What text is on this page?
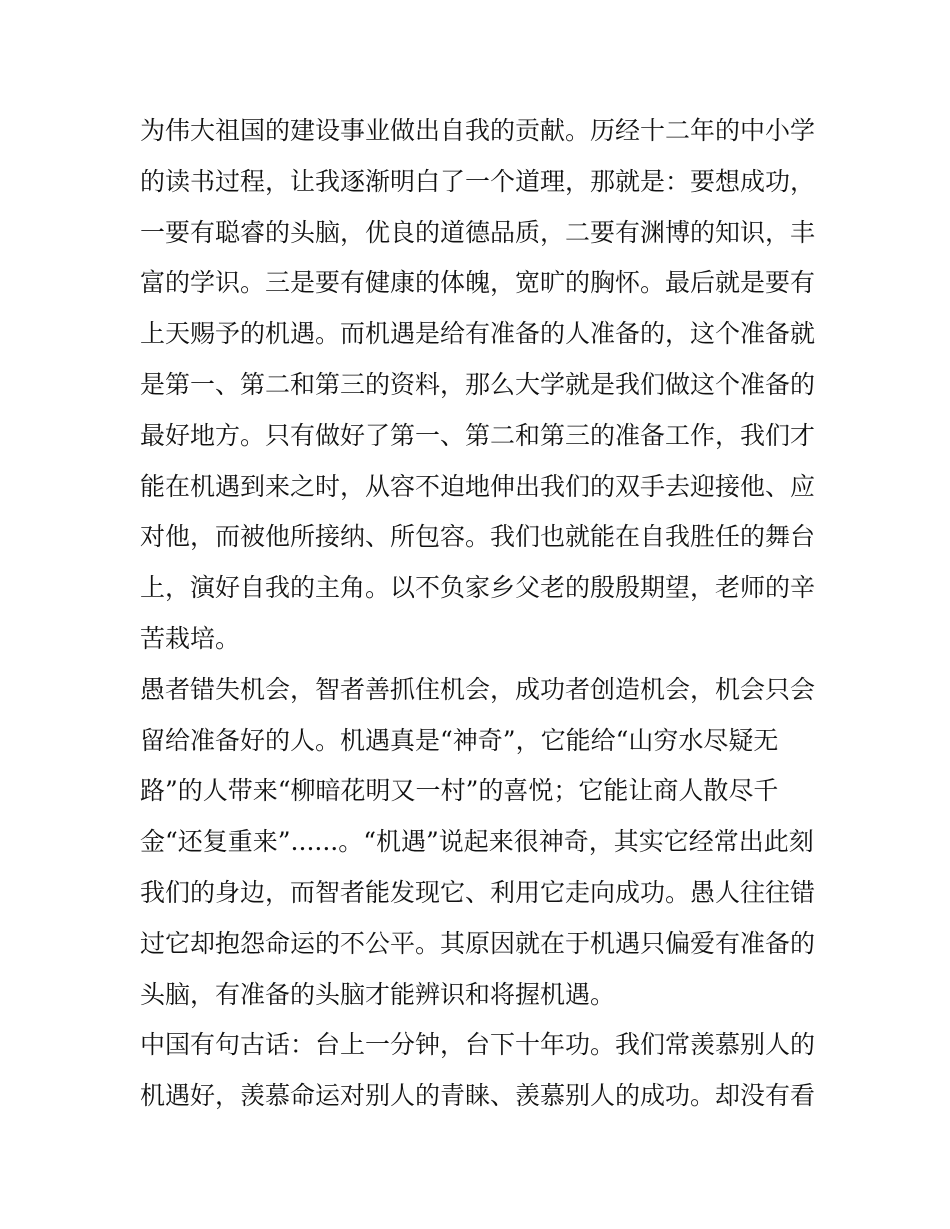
为伟大祖国的建设事业做出自我的贡献。历经十二年的中小学
的读书过程，让我逐渐明白了一个道理，那就是：要想成功，
一要有聪睿的头脑，优良的道德品质，二要有渊博的知识，丰
富的学识。三是要有健康的体魄，宽旷的胸怀。最后就是要有
上天赐予的机遇。而机遇是给有准备的人准备的，这个准备就
是第一、第二和第三的资料，那么大学就是我们做这个准备的
最好地方。只有做好了第一、第二和第三的准备工作，我们才
能在机遇到来之时，从容不迫地伸出我们的双手去迎接他、应
对他，而被他所接纳、所包容。我们也就能在自我胜任的舞台
上，演好自我的主角。以不负家乡父老的殷殷期望，老师的辛
苦栽培。
愚者错失机会，智者善抓住机会，成功者创造机会，机会只会
留给准备好的人。机遇真是“神奇”，它能给“山穷水尽疑无
路”的人带来“柳暗花明又一村”的喜悦；它能让商人散尽千
金“还复重来”......。“机遇”说起来很神奇，其实它经常出此刻
我们的身边，而智者能发现它、利用它走向成功。愚人往往错
过它却抱怨命运的不公平。其原因就在于机遇只偏爱有准备的
头脑，有准备的头脑才能辨识和将握机遇。
中国有句古话：台上一分钟，台下十年功。我们常羡慕别人的
机遇好，羡慕命运对别人的青睐、羡慕别人的成功。却没有看
